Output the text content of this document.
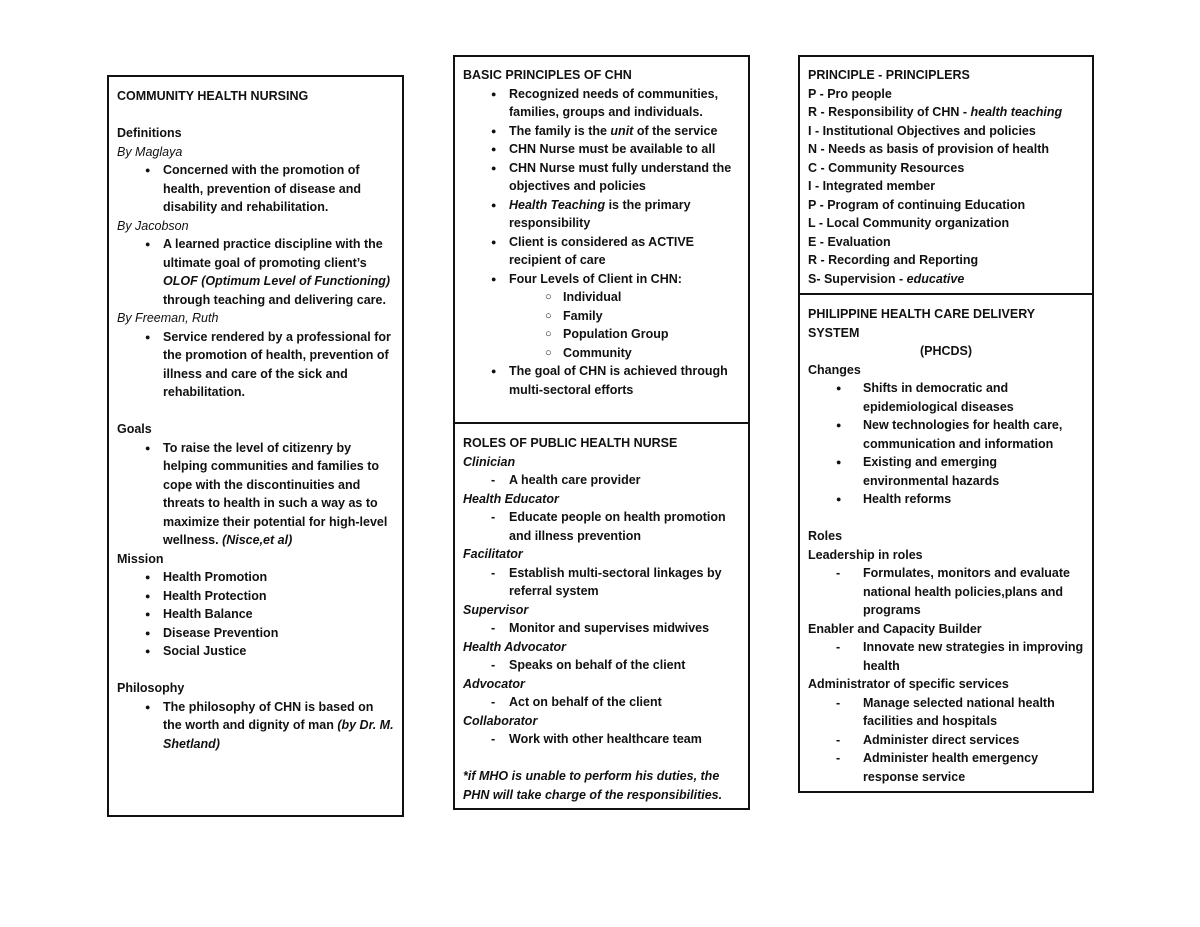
COMMUNITY HEALTH NURSING
Definitions
By Maglaya
● Concerned with the promotion of health, prevention of disease and disability and rehabilitation.
By Jacobson
● A learned practice discipline with the ultimate goal of promoting client’s OLOF (Optimum Level of Functioning) through teaching and delivering care.
By Freeman, Ruth
● Service rendered by a professional for the promotion of health, prevention of illness and care of the sick and rehabilitation.
Goals
● To raise the level of citizenry by helping communities and families to cope with the discontinuities and threats to health in such a way as to maximize their potential for high-level wellness. (Nisce,et al)
Mission
● Health Promotion
● Health Protection
● Health Balance
● Disease Prevention
● Social Justice
Philosophy
● The philosophy of CHN is based on the worth and dignity of man (by Dr. M. Shetland)
BASIC PRINCIPLES OF CHN
● Recognized needs of communities, families, groups and individuals.
● The family is the unit of the service
● CHN Nurse must be available to all
● CHN Nurse must fully understand the objectives and policies
● Health Teaching is the primary responsibility
● Client is considered as ACTIVE recipient of care
● Four Levels of Client in CHN:
○ Individual
○ Family
○ Population Group
○ Community
● The goal of CHN is achieved through multi-sectoral efforts
ROLES OF PUBLIC HEALTH NURSE
Clinician
- A health care provider
Health Educator
- Educate people on health promotion and illness prevention
Facilitator
- Establish multi-sectoral linkages by referral system
Supervisor
- Monitor and supervises midwives
Health Advocator
- Speaks on behalf of the client
Advocator
- Act on behalf of the client
Collaborator
- Work with other healthcare team
*if MHO is unable to perform his duties, the PHN will take charge of the responsibilities.
PRINCIPLE - PRINCIPLERS
P - Pro people
R - Responsibility of CHN - health teaching
I - Institutional Objectives and policies
N - Needs as basis of provision of health
C - Community Resources
I - Integrated member
P - Program of continuing Education
L - Local Community organization
E - Evaluation
R - Recording and Reporting
S- Supervision - educative
PHILIPPINE HEALTH CARE DELIVERY SYSTEM
(PHCDS)
Changes
● Shifts in democratic and epidemiological diseases
● New technologies for health care, communication and information
● Existing and emerging environmental hazards
● Health reforms
Roles
Leadership in roles
- Formulates, monitors and evaluate national health policies,plans and programs
Enabler and Capacity Builder
- Innovate new strategies in improving health
Administrator of specific services
- Manage selected national health facilities and hospitals
- Administer direct services
- Administer health emergency response service
